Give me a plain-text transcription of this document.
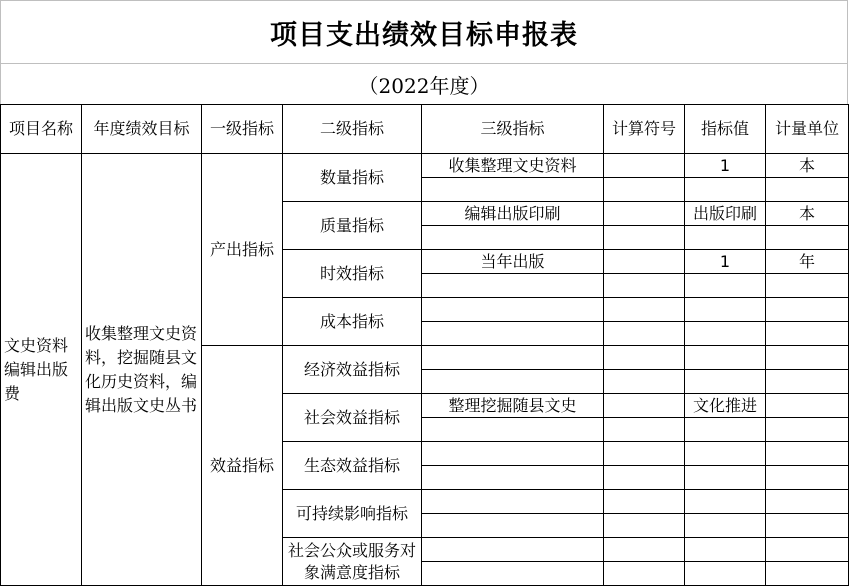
项目支出绩效目标申报表
（2022年度）
项目名称	年度绩效目标	一级指标	二级指标	三级指标	计算符号	指标值	计量单位
文史资料编辑出版费	收集整理文史资料，挖掘随县文化历史资料，编辑出版文史丛书	产出指标	数量指标	收集整理文史资料		1	本

			质量指标	编辑出版印刷		出版印刷	本

			时效指标	当年出版		1	年

			成本指标				

		效益指标	经济效益指标				

			社会效益指标	整理挖掘随县文史		文化推进	

			生态效益指标				

			可持续影响指标				

			社会公众或服务对象满意度指标				
